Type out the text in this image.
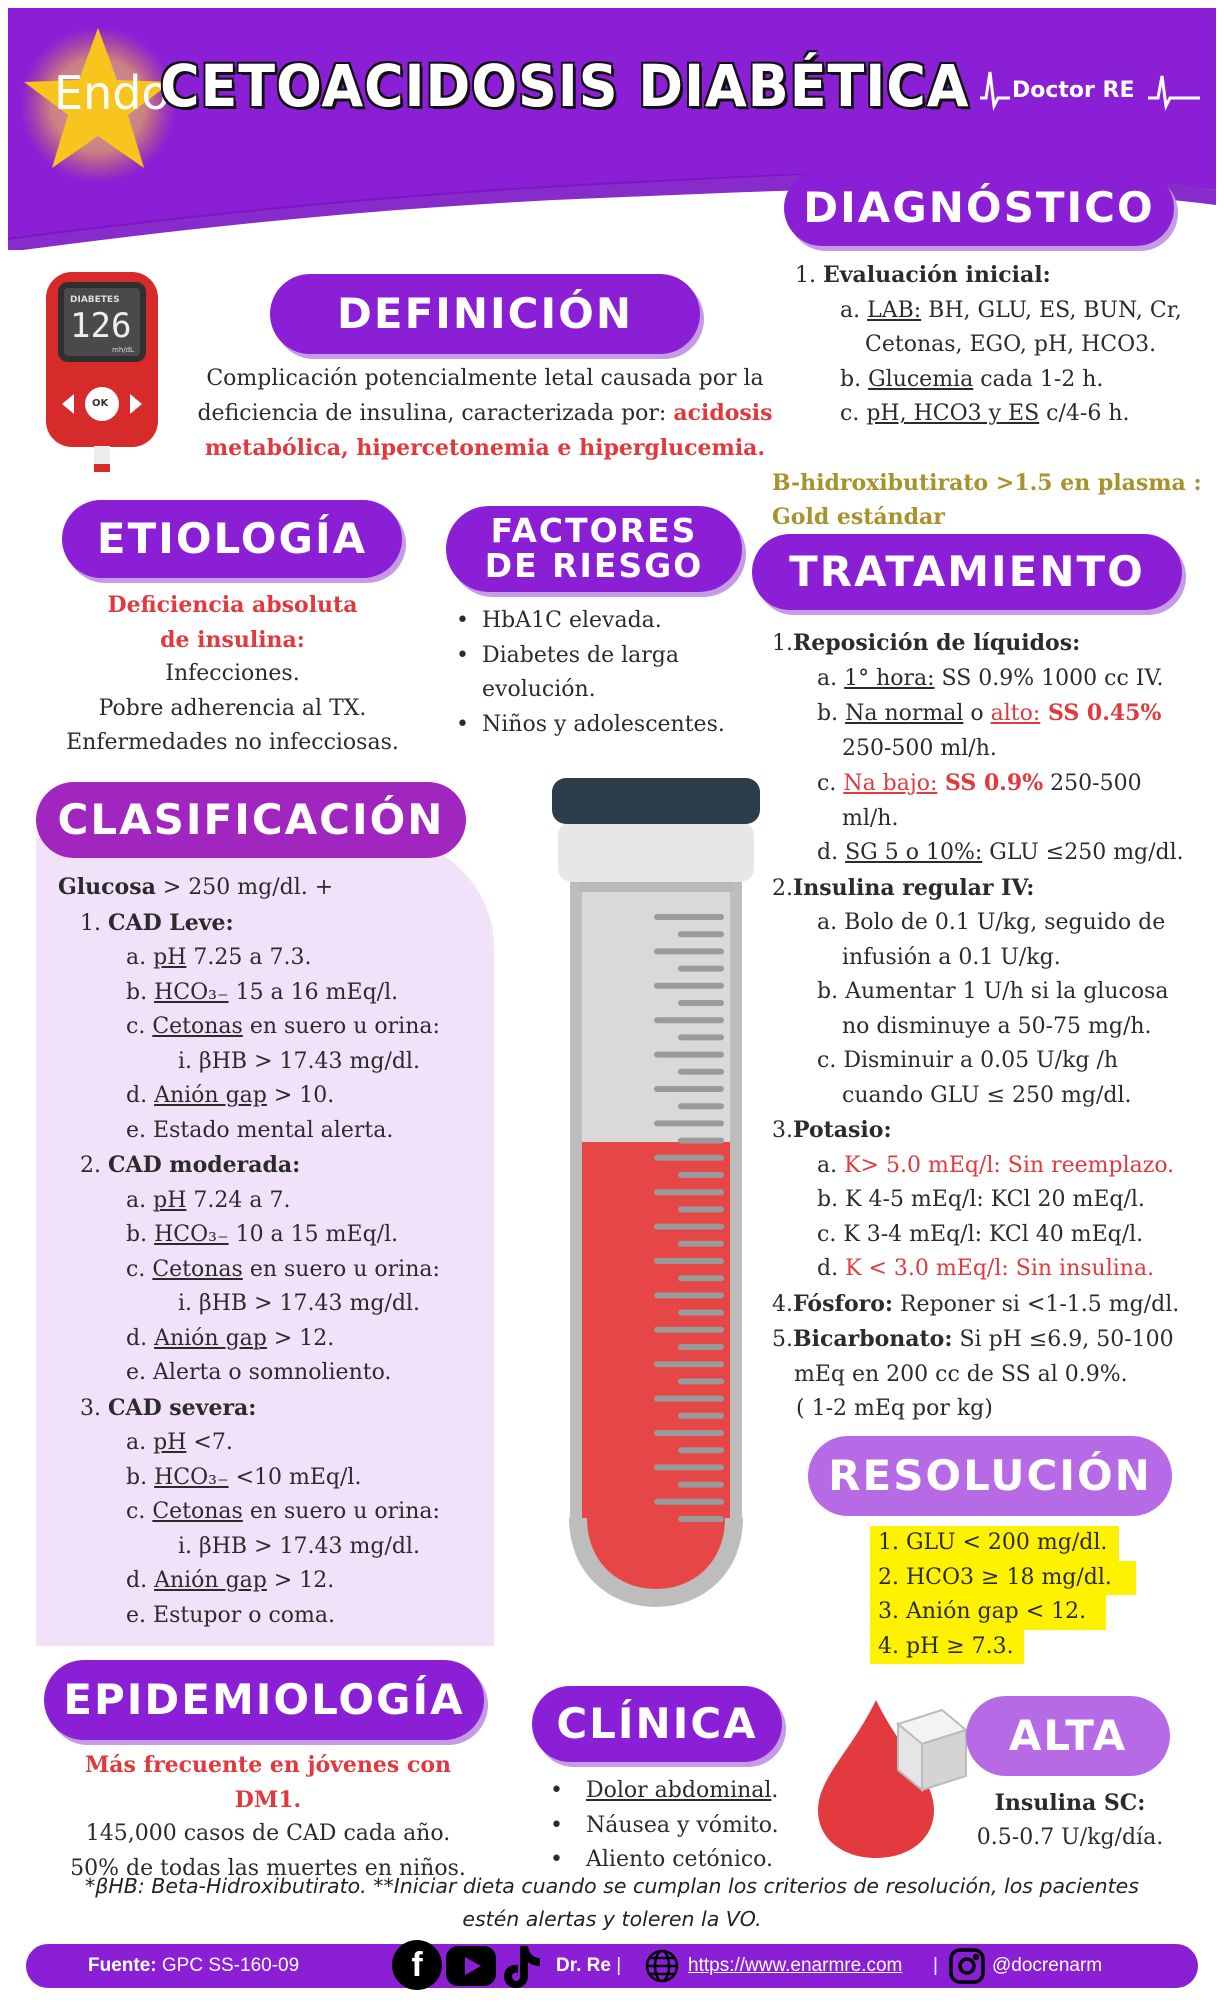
Endo
CETOACIDOSIS DIABÉTICA Doctor RE
DIABETES
126
mh/dL
OK
DEFINICIÓN
Complicación potencialmente letal causada por la deficiencia de insulina, caracterizada por: acidosis metabólica, hipercetonemia e hiperglucemia.
DIAGNÓSTICO
1. Evaluación inicial:
a. LAB: BH, GLU, ES, BUN, Cr,
Cetonas, EGO, pH, HCO3.
b. Glucemia cada 1-2 h.
c. pH, HCO3 y ES c/4-6 h.
B-hidroxibutirato >1.5 en plasma :
Gold estándar
ETIOLOGÍA
Deficiencia absoluta de insulina:
Infecciones.
Pobre adherencia al TX.
Enfermedades no infecciosas.
FACTORES
DE RIESGO
• HbA1C elevada.
• Diabetes de larga
evolución.
• Niños y adolescentes.
TRATAMIENTO
1.Reposición de líquidos:
a. 1° hora: SS 0.9% 1000 cc IV.
b. Na normal o alto: SS 0.45%
250-500 ml/h.
c. Na bajo: SS 0.9% 250-500
ml/h.
d. SG 5 o 10%: GLU ≤250 mg/dl.
2.Insulina regular IV:
a. Bolo de 0.1 U/kg, seguido de
infusión a 0.1 U/kg.
b. Aumentar 1 U/h si la glucosa
no disminuye a 50-75 mg/h.
c. Disminuir a 0.05 U/kg /h
cuando GLU ≤ 250 mg/dl.
3.Potasio:
a. K> 5.0 mEq/l: Sin reemplazo.
b. K 4-5 mEq/l: KCl 20 mEq/l.
c. K 3-4 mEq/l: KCl 40 mEq/l.
d. K < 3.0 mEq/l: Sin insulina.
4.Fósforo: Reponer si <1-1.5 mg/dl.
5.Bicarbonato: Si pH ≤6.9, 50-100
mEq en 200 cc de SS al 0.9%.
( 1-2 mEq por kg)
CLASIFICACIÓN
Glucosa > 250 mg/dl. +
1. CAD Leve:
a. pH 7.25 a 7.3.
b. HCO₃₋ 15 a 16 mEq/l.
c. Cetonas en suero u orina:
i. βHB > 17.43 mg/dl.
d. Anión gap > 10.
e. Estado mental alerta.
2. CAD moderada:
a. pH 7.24 a 7.
b. HCO₃₋ 10 a 15 mEq/l.
c. Cetonas en suero u orina:
i. βHB > 17.43 mg/dl.
d. Anión gap > 12.
e. Alerta o somnoliento.
3. CAD severa:
a. pH <7.
b. HCO₃₋ <10 mEq/l.
c. Cetonas en suero u orina:
i. βHB > 17.43 mg/dl.
d. Anión gap > 12.
e. Estupor o coma.
RESOLUCIÓN
1. GLU < 200 mg/dl.
2. HCO3 ≥ 18 mg/dl.
3. Anión gap < 12.
4. pH ≥ 7.3.
EPIDEMIOLOGÍA
Más frecuente en jóvenes con DM1.
145,000 casos de CAD cada año.
50% de todas las muertes en niños.
CLÍNICA
• Dolor abdominal.
• Náusea y vómito.
• Aliento cetónico.
ALTA
Insulina SC:
0.5-0.7 U/kg/día.
*βHB: Beta-Hidroxibutirato. **Iniciar dieta cuando se cumplan los criterios de resolución, los pacientes
estén alertas y toleren la VO.
Fuente: GPC SS-160-09	f	Dr. Re |	https://www.enarmre.com |	@docrenarm
